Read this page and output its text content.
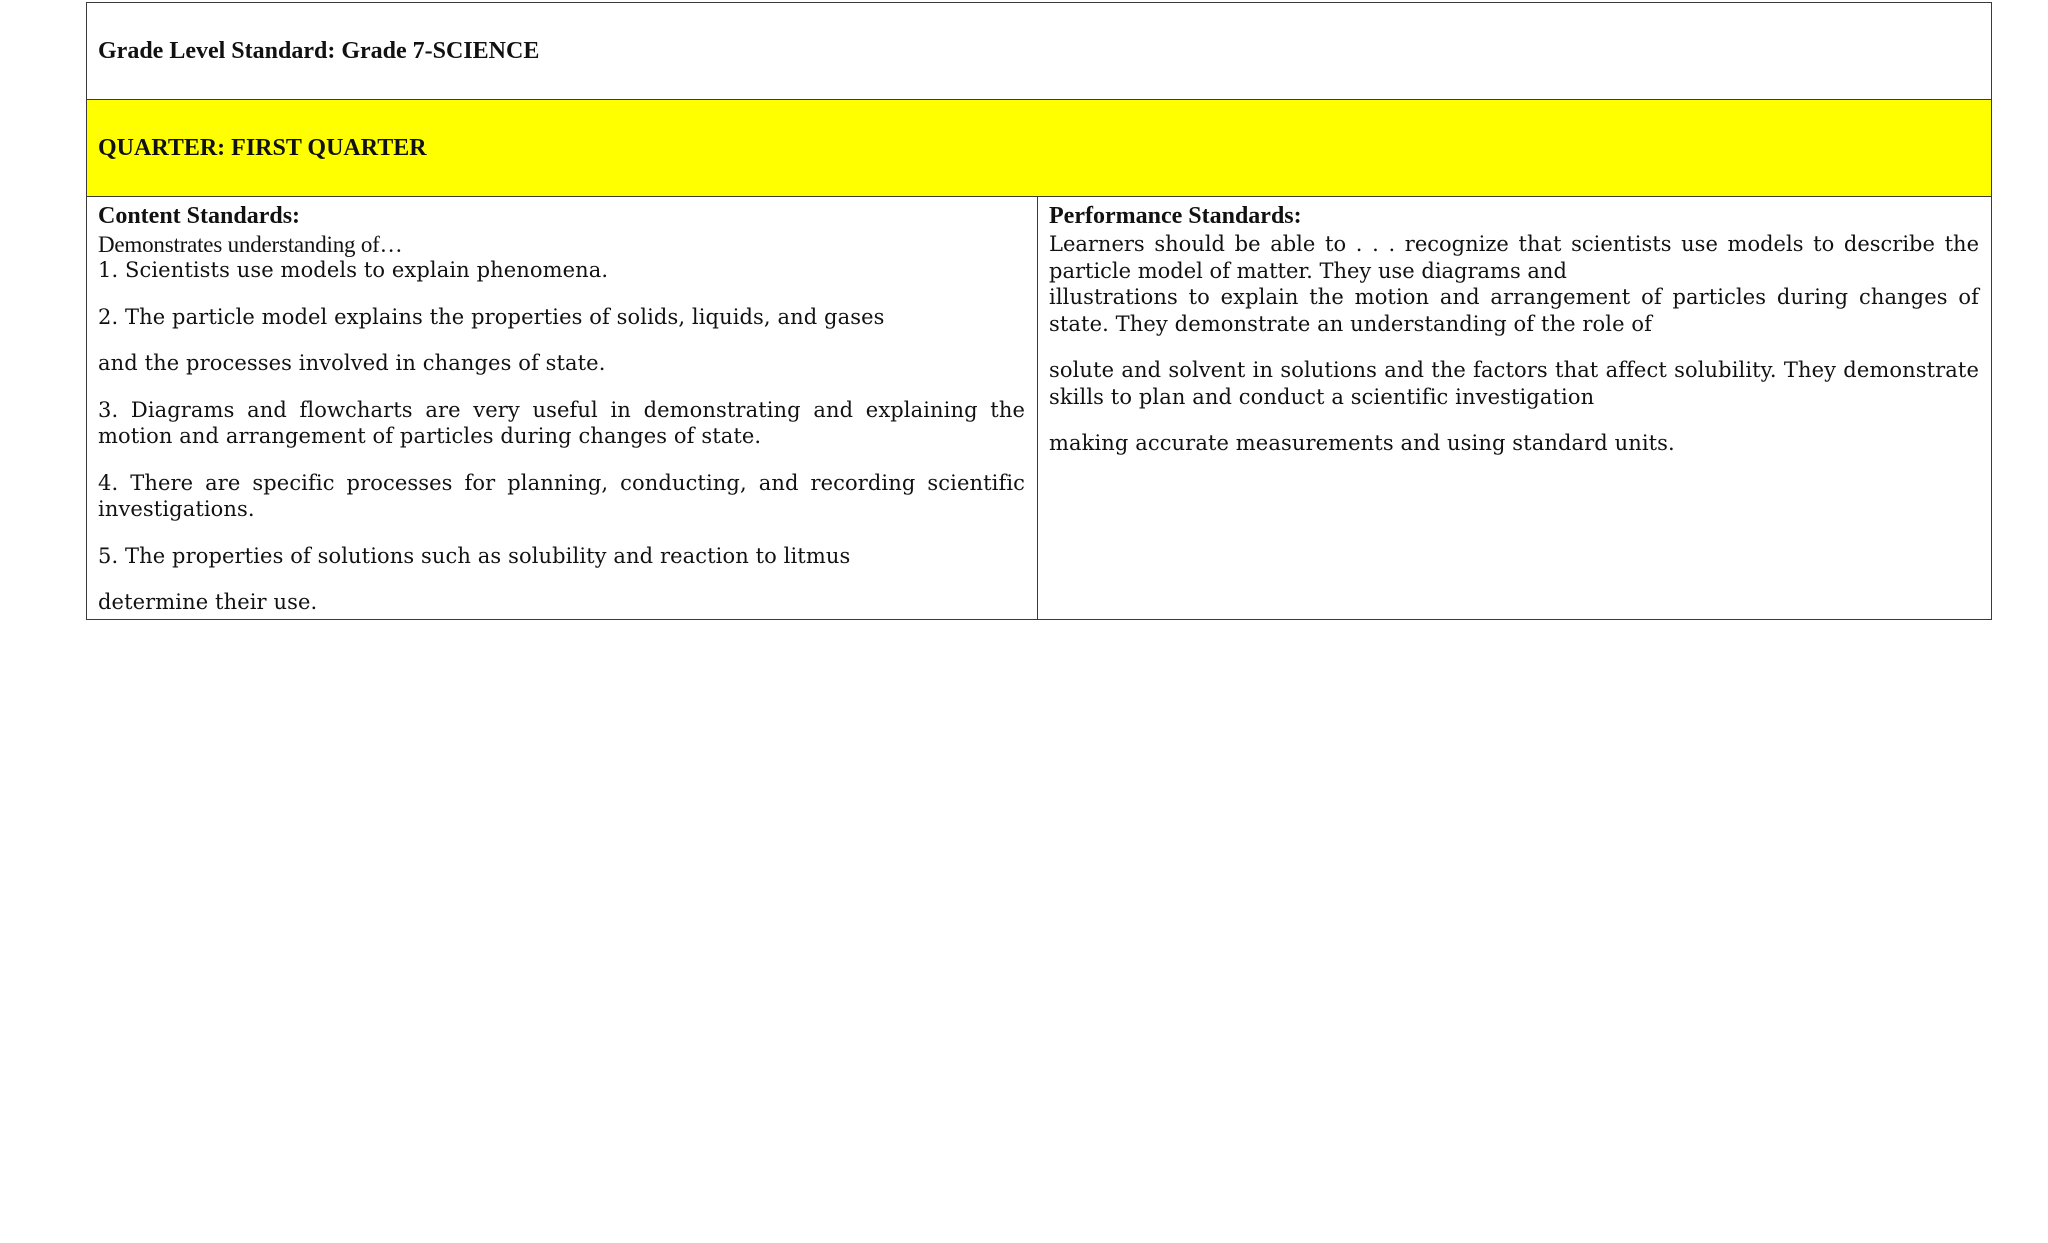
Grade Level Standard: Grade 7-SCIENCE

QUARTER: FIRST QUARTER

Content Standards:
Demonstrates understanding of…

1. Scientists use models to explain phenomena.

2. The particle model explains the properties of solids, liquids, and gases

and the processes involved in changes of state.

3. Diagrams and flowcharts are very useful in demonstrating and explaining the motion and arrangement of particles during changes of state.

4. There are specific processes for planning, conducting, and recording scientific investigations.

5. The properties of solutions such as solubility and reaction to litmus

determine their use.

Performance Standards:

Learners should be able to . . . recognize that scientists use models to describe the particle model of matter. They use diagrams and

illustrations to explain the motion and arrangement of particles during changes of state. They demonstrate an understanding of the role of

solute and solvent in solutions and the factors that affect solubility. They demonstrate skills to plan and conduct a scientific investigation

making accurate measurements and using standard units.
